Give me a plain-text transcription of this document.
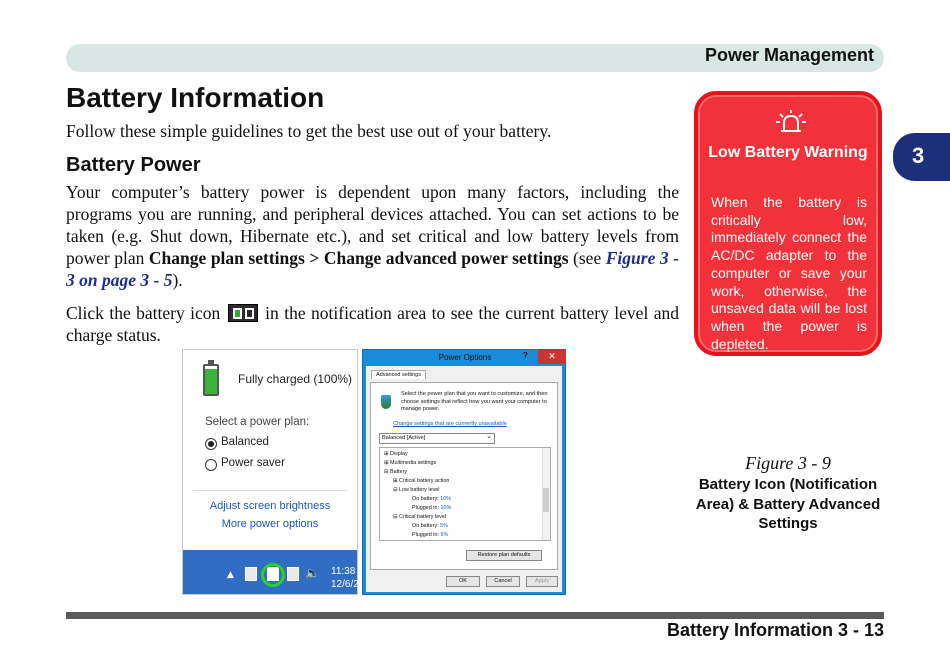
Power Management
3
Battery Information

Follow these simple guidelines to get the best use out of your battery.

Battery Power

Your computer’s battery power is dependent upon many factors, including the programs you are running, and peripheral devices attached. You can set actions to be taken (e.g. Shut down, Hibernate etc.), and set critical and low battery levels from power plan Change plan settings > Change advanced power settings (see Figure 3 - 3 on page 3 - 5).

Click the battery icon	in the notification area to see the current battery level and charge status.

Low Battery Warning
When the battery is critically low, immediately connect the AC/DC adapter to the computer or save your work, otherwise, the unsaved data will be lost when the power is depleted.
Figure 3 - 9
Battery Icon (Notification Area) & Battery Advanced Settings
Fully charged (100%)
Select a power plan:
Balanced
Power saver
Adjust screen brightness
More power options
▲	🔈 11:38
12/6/2
Power Options	?	✕
Advanced settings
Select the power plan that you want to customize, and then choose settings that reflect how you want your computer to manage power.
Change settings that are currently unavailable
Balanced [Active] ⌄
⊞ Display
⊞ Multimedia settings
⊟ Battery
⊞ Critical battery action
⊟ Low battery level
On battery: 10%
Plugged in: 10%
⊟ Critical battery level
On battery: 5%
Plugged in: 5%
Restore plan defaults
OK	Cancel	Apply
Battery Information 3 - 13
